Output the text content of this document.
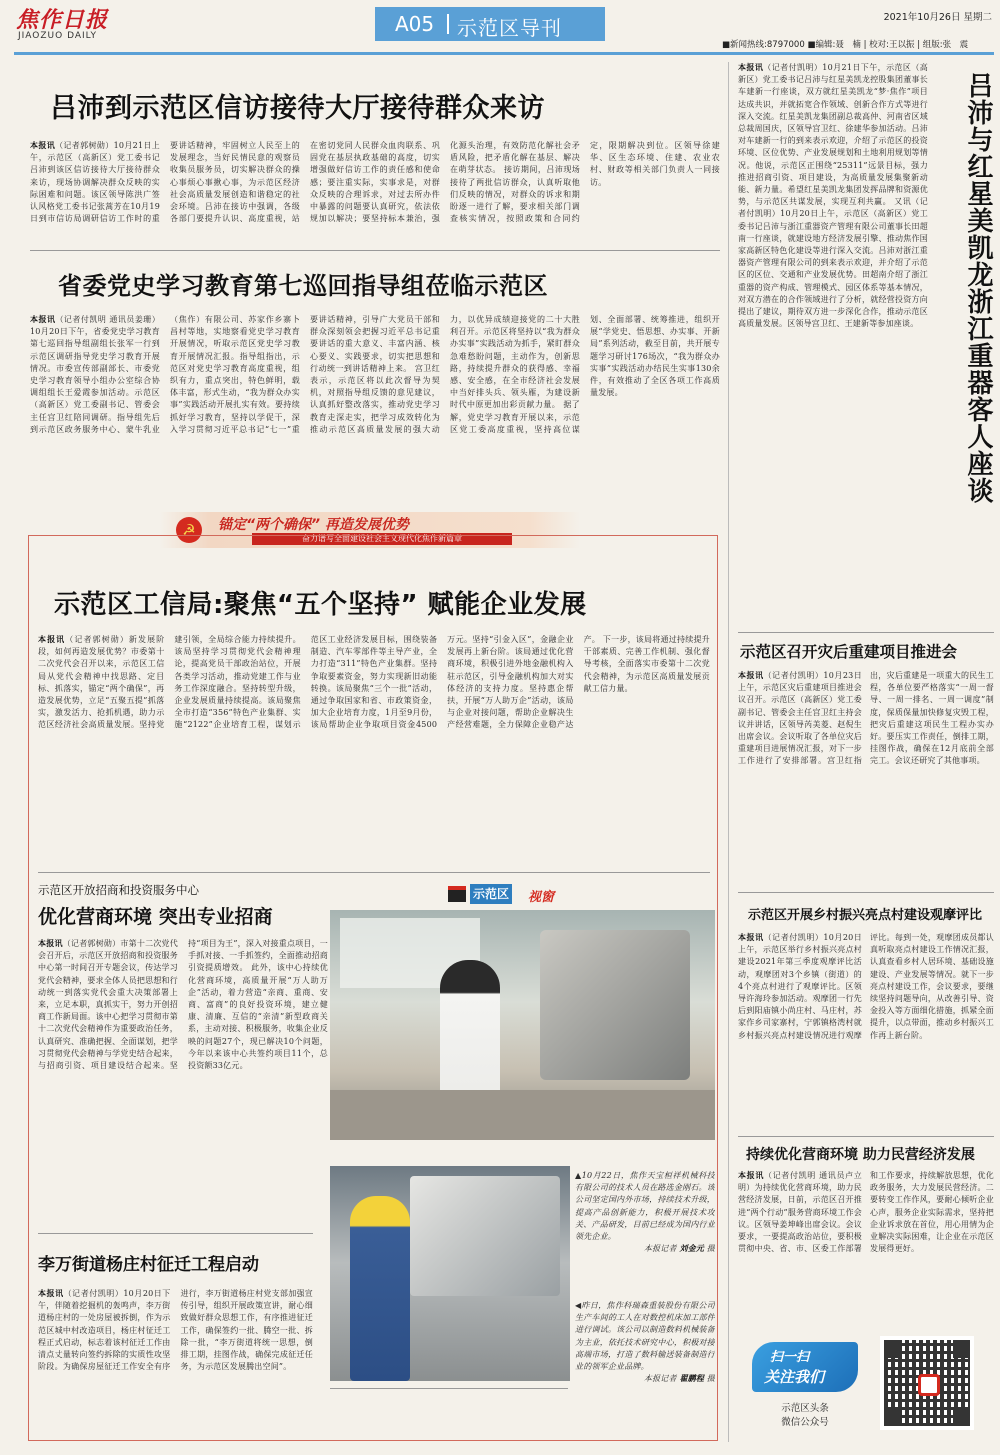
焦作日报
JIAOZUO DAILY	A05 示范区导刊	2021年10月26日 星期二
■新闻热线:8797000 ■编辑:聂　楠 | 校对:王以振 | 组版:张　震
吕沛到示范区信访接待大厅接待群众来访
本报讯（记者郭树勋）10月21日上午，示范区（高新区）党工委书记吕沛到该区信访接待大厅接待群众来访，现场协调解决群众反映的实际困难和问题。该区领导陈洪广签认风格党工委书记张蒿芳在10月19日到市信访局调研信访工作时的重要讲话精神，牢固树立人民至上的发展理念，当好民情民意的观察员收集员服务员，切实解决群众的操心事烦心事揪心事，为示范区经济社会高质量发展创造和谐稳定的社会环境。吕沛在接访中强调，各级各部门要提升认识、高度重视，站在密切党同人民群众血肉联系、巩固党在基层执政基础的高度，切实增强做好信访工作的责任感和使命感；要注重实际，实事求是，对群众反映的合理诉求，对过去所办件中暴露的问题要认真研究，依法依规加以解决；要坚持标本兼治，强化源头治理，有效防范化解社会矛盾风险，把矛盾化解在基层、解决在萌芽状态。 接访期间，吕沛现场接待了两批信访群众，认真听取他们反映的情况，对群众的诉求和期盼逐一进行了解，要求相关部门调查核实情况，按照政策和合同约定，限期解决到位。区领导徐建华、区生态环境、住建、农业农村、财政等相关部门负责人一同接访。
省委党史学习教育第七巡回指导组莅临示范区
本报讯（记者付凯明 通讯员姜珊）10月20日下午，省委党史学习教育第七巡回指导组副组长张军一行到示范区调研指导党史学习教育开展情况。市委宣传部副部长、市委党史学习教育领导小组办公室综合协调组组长王爱霞参加活动。示范区（高新区）党工委副书记、管委会主任宫卫红陪同调研。指导组先后到示范区政务服务中心、蒙牛乳业（焦作）有限公司、苏家作乡寨卜昌村等地，实地察看党史学习教育开展情况，听取示范区党史学习教育开展情况汇报。指导组指出，示范区对党史学习教育高度重视，组织有力，重点突出，特色鲜明，载体丰富，形式生动，“我为群众办实事”实践活动开展扎实有效。要持续抓好学习教育，坚持以学促干，深入学习贯彻习近平总书记“七一”重要讲话精神，引导广大党员干部和群众深刻领会把握习近平总书记重要讲话的重大意义、丰富内涵、核心要义、实践要求，切实把思想和行动统一到讲话精神上来。 宫卫红表示，示范区将以此次督导为契机，对照指导组反馈的意见建议，认真抓好整改落实，推动党史学习教育走深走实，把学习成效转化为推动示范区高质量发展的强大动力，以优异成绩迎接党的二十大胜利召开。示范区将坚持以“我为群众办实事”实践活动为抓手，紧盯群众急难愁盼问题，主动作为，创新思路，持续提升群众的获得感、幸福感、安全感，在全市经济社会发展中当好排头兵、领头雁，为建设新时代中原更加出彩贡献力量。 据了解，党史学习教育开展以来，示范区党工委高度重视，坚持高位谋划、全面部署、统筹推进，组织开展“学党史、悟思想、办实事、开新局”系列活动，截至目前，共开展专题学习研讨176场次，“我为群众办实事”实践活动办结民生实事130余件，有效推动了全区各项工作高质量发展。
☭	锚定“两个确保” 再造发展优势
奋力谱写全面建设社会主义现代化焦作新篇章
示范区工信局:聚焦“五个坚持” 赋能企业发展
本报讯（记者郭树勋）新发展阶段，如何再造发展优势？市委第十二次党代会召开以来，示范区工信局从党代会精神中找思路、定目标、抓落实，锚定“两个确保”，再造发展优势，立足“五聚五提”抓落实，激发活力、抢抓机遇，助力示范区经济社会高质量发展。坚持党建引领，全局综合能力持续提升。该局坚持学习贯彻党代会精神理论，提高党员干部政治站位，开展各类学习活动，推动党建工作与业务工作深度融合。坚持转型升级，企业发展质量持续提高。该局聚焦全市打造“356”特色产业集群、实施“2122”企业培育工程，谋划示范区工业经济发展目标，围绕装备制造、汽车零部件等主导产业，全力打造“311”特色产业集群。坚持争取要素资金，努力实现新旧动能转换。该局聚焦“三个一批”活动，通过争取国家和省、市政策资金，加大企业培育力度，1月至9月份，该局帮助企业争取项目资金4500万元。坚持“引金入区”，金融企业发展再上新台阶。该局通过优化营商环境，积极引进外地金融机构入驻示范区，引导金融机构加大对实体经济的支持力度。坚持惠企帮扶，开展“万人助万企”活动，该局与企业对接问题，帮助企业解决生产经营难题，全力保障企业稳产达产。 下一步，该局将通过持续提升干部素质、完善工作机制、强化督导考核，全面落实市委第十二次党代会精神，为示范区高质量发展贡献工信力量。
示范区开放招商和投资服务中心
优化营商环境 突出专业招商
本报讯（记者郭树勋）市第十二次党代会召开后，示范区开放招商和投资服务中心第一时间召开专题会议，传达学习党代会精神，要求全体人员把思想和行动统一到落实党代会重大决策部署上来，立足本职，真抓实干，努力开创招商工作新局面。该中心把学习贯彻市第十二次党代会精神作为重要政治任务，认真研究、准确把握、全面谋划，把学习贯彻党代会精神与学党史结合起来，与招商引资、项目建设结合起来。坚持“项目为王”，深入对接重点项目，一手抓对接、一手抓签约，全面推动招商引资提质增效。 此外，该中心持续优化营商环境，高质量开展“万人助万企”活动，着力营造“亲商、重商、安商、富商”的良好投资环境，建立健康、清廉、互信的“亲清”新型政商关系，主动对接、积极服务，收集企业反映的问题27个，现已解决10个问题，今年以来该中心共签约项目11个，总投资额33亿元。
李万街道杨庄村征迁工程启动
本报讯（记者付凯明）10月20日下午，伴随着挖掘机的轰鸣声，李万街道杨庄村的一处房屋被拆倒，作为示范区城中村改造项目，杨庄村征迁工程正式启动，标志着该村征迁工作由清点丈量转向签约拆除的实质性攻坚阶段。为确保房屋征迁工作安全有序进行，李万街道杨庄村党支部加强宣传引导，组织开展政策宣讲，耐心细致做好群众思想工作，有序推进征迁工作，确保签约一批、腾空一批、拆除一批，“李万街道将统一思想，倒排工期，挂图作战，确保完成征迁任务，为示范区发展腾出空间”。
示范区 视窗
▲10月22日，焦作天宝桓祥机械科技有限公司的技术人员在路选金刚石。该公司坚定国内外市场，持续技术升级，提高产品创新能力，积极开展技术攻关、产品研发，目前已经成为国内行业领先企业。
本报记者 刘金元 摄
◀昨日，焦作科瑞森重装股份有限公司生产车间的工人在对数控机床加工部件进行调试。该公司以制造数料机械装备为主业，依托技术研究中心，积极对接高端市场，打造了数料输送装备制造行业的领军企业品牌。
本报记者 翟鹏程 摄
本报讯（记者付凯明）10月21日下午，示范区（高新区）党工委书记吕沛与红星美凯龙控股集团董事长车建新一行座谈，双方就红星美凯龙“梦·焦作”项目达成共识，并就拓宽合作领域、创新合作方式等进行深入交流。红星美凯龙集团副总裁高仲、河南省区域总裁周国庆，区领导宫卫红、徐建华参加活动。吕沛对车建新一行的到来表示欢迎，介绍了示范区的投资环境、区位优势、产业发展规划和土地利用规划等情况。他说，示范区正围绕“25311”远景目标，强力推进招商引资、项目建设，为高质量发展集聚新动能、新力量。希望红星美凯龙集团发挥品牌和资源优势，与示范区共谋发展，实现互利共赢。 又讯（记者付凯明）10月20日上午，示范区（高新区）党工委书记吕沛与浙江重器资产管理有限公司董事长田超南一行座谈，就建设地方经济发展引擎、推动焦作国家高新区特色化建设等进行深入交流。吕沛对浙江重器资产管理有限公司的到来表示欢迎，并介绍了示范区的区位、交通和产业发展优势。田超南介绍了浙江重器的资产构成、管理模式、园区体系等基本情况，对双方潜在的合作领域进行了分析，就经营投资方向提出了建议，期待双方进一步深化合作，推动示范区高质量发展。区领导宫卫红、王建新等参加座谈。	吕沛与红星美凯龙浙江重器客人座谈
示范区召开灾后重建项目推进会
本报讯（记者付凯明）10月23日上午，示范区灾后重建项目推进会议召开。示范区（高新区）党工委副书记、管委会主任宫卫红主持会议并讲话，区领导芮美菱、赵倪生出席会议。会议听取了各单位灾后重建项目进展情况汇报，对下一步工作进行了安排部署。宫卫红指出，灾后重建是一项重大的民生工程，各单位要严格落实“一周一督导、一周一排名、一周一调度”制度，保质保量加快修复灾毁工程，把灾后重建这项民生工程办实办好。要压实工作责任，倒排工期，挂图作战，确保在12月底前全部完工。会议还研究了其他事项。
示范区开展乡村振兴亮点村建设观摩评比
本报讯（记者付凯明）10月20日上午，示范区举行乡村振兴亮点村建设2021年第三季度观摩评比活动，观摩团对3个乡镇（街道）的4个亮点村进行了观摩评比。区领导许海玲参加活动。观摩团一行先后到阳庙镇小尚庄村、马庄村，苏家作乡司家寨村，宁郭镇格湾村就乡村振兴亮点村建设情况进行观摩评比。每到一处，观摩团成员都认真听取亮点村建设工作情况汇报，认真查看乡村人居环境、基础设施建设、产业发展等情况。就下一步亮点村建设工作，会议要求，要继续坚持问题导向，从改善引导、资金投入等方面细化措施，抓紧全面提升，以点带面，推动乡村振兴工作再上新台阶。
持续优化营商环境 助力民营经济发展
本报讯（记者付凯明 通讯员卢立明）为持续优化营商环境，助力民营经济发展，日前，示范区召开推进“两个行动”服务营商环境工作会议。区领导姜坤峰出席会议。会议要求，一要提高政治站位，要积极贯彻中央、省、市、区委工作部署和工作要求，持续解放思想，优化政务服务，大力发展民营经济。二要转变工作作风，要耐心倾听企业心声，服务企业实际需求，坚持把企业诉求放在首位，用心用情为企业解决实际困难，让企业在示范区发展得更好。
扫一扫
关注我们
示范区头条
微信公众号
